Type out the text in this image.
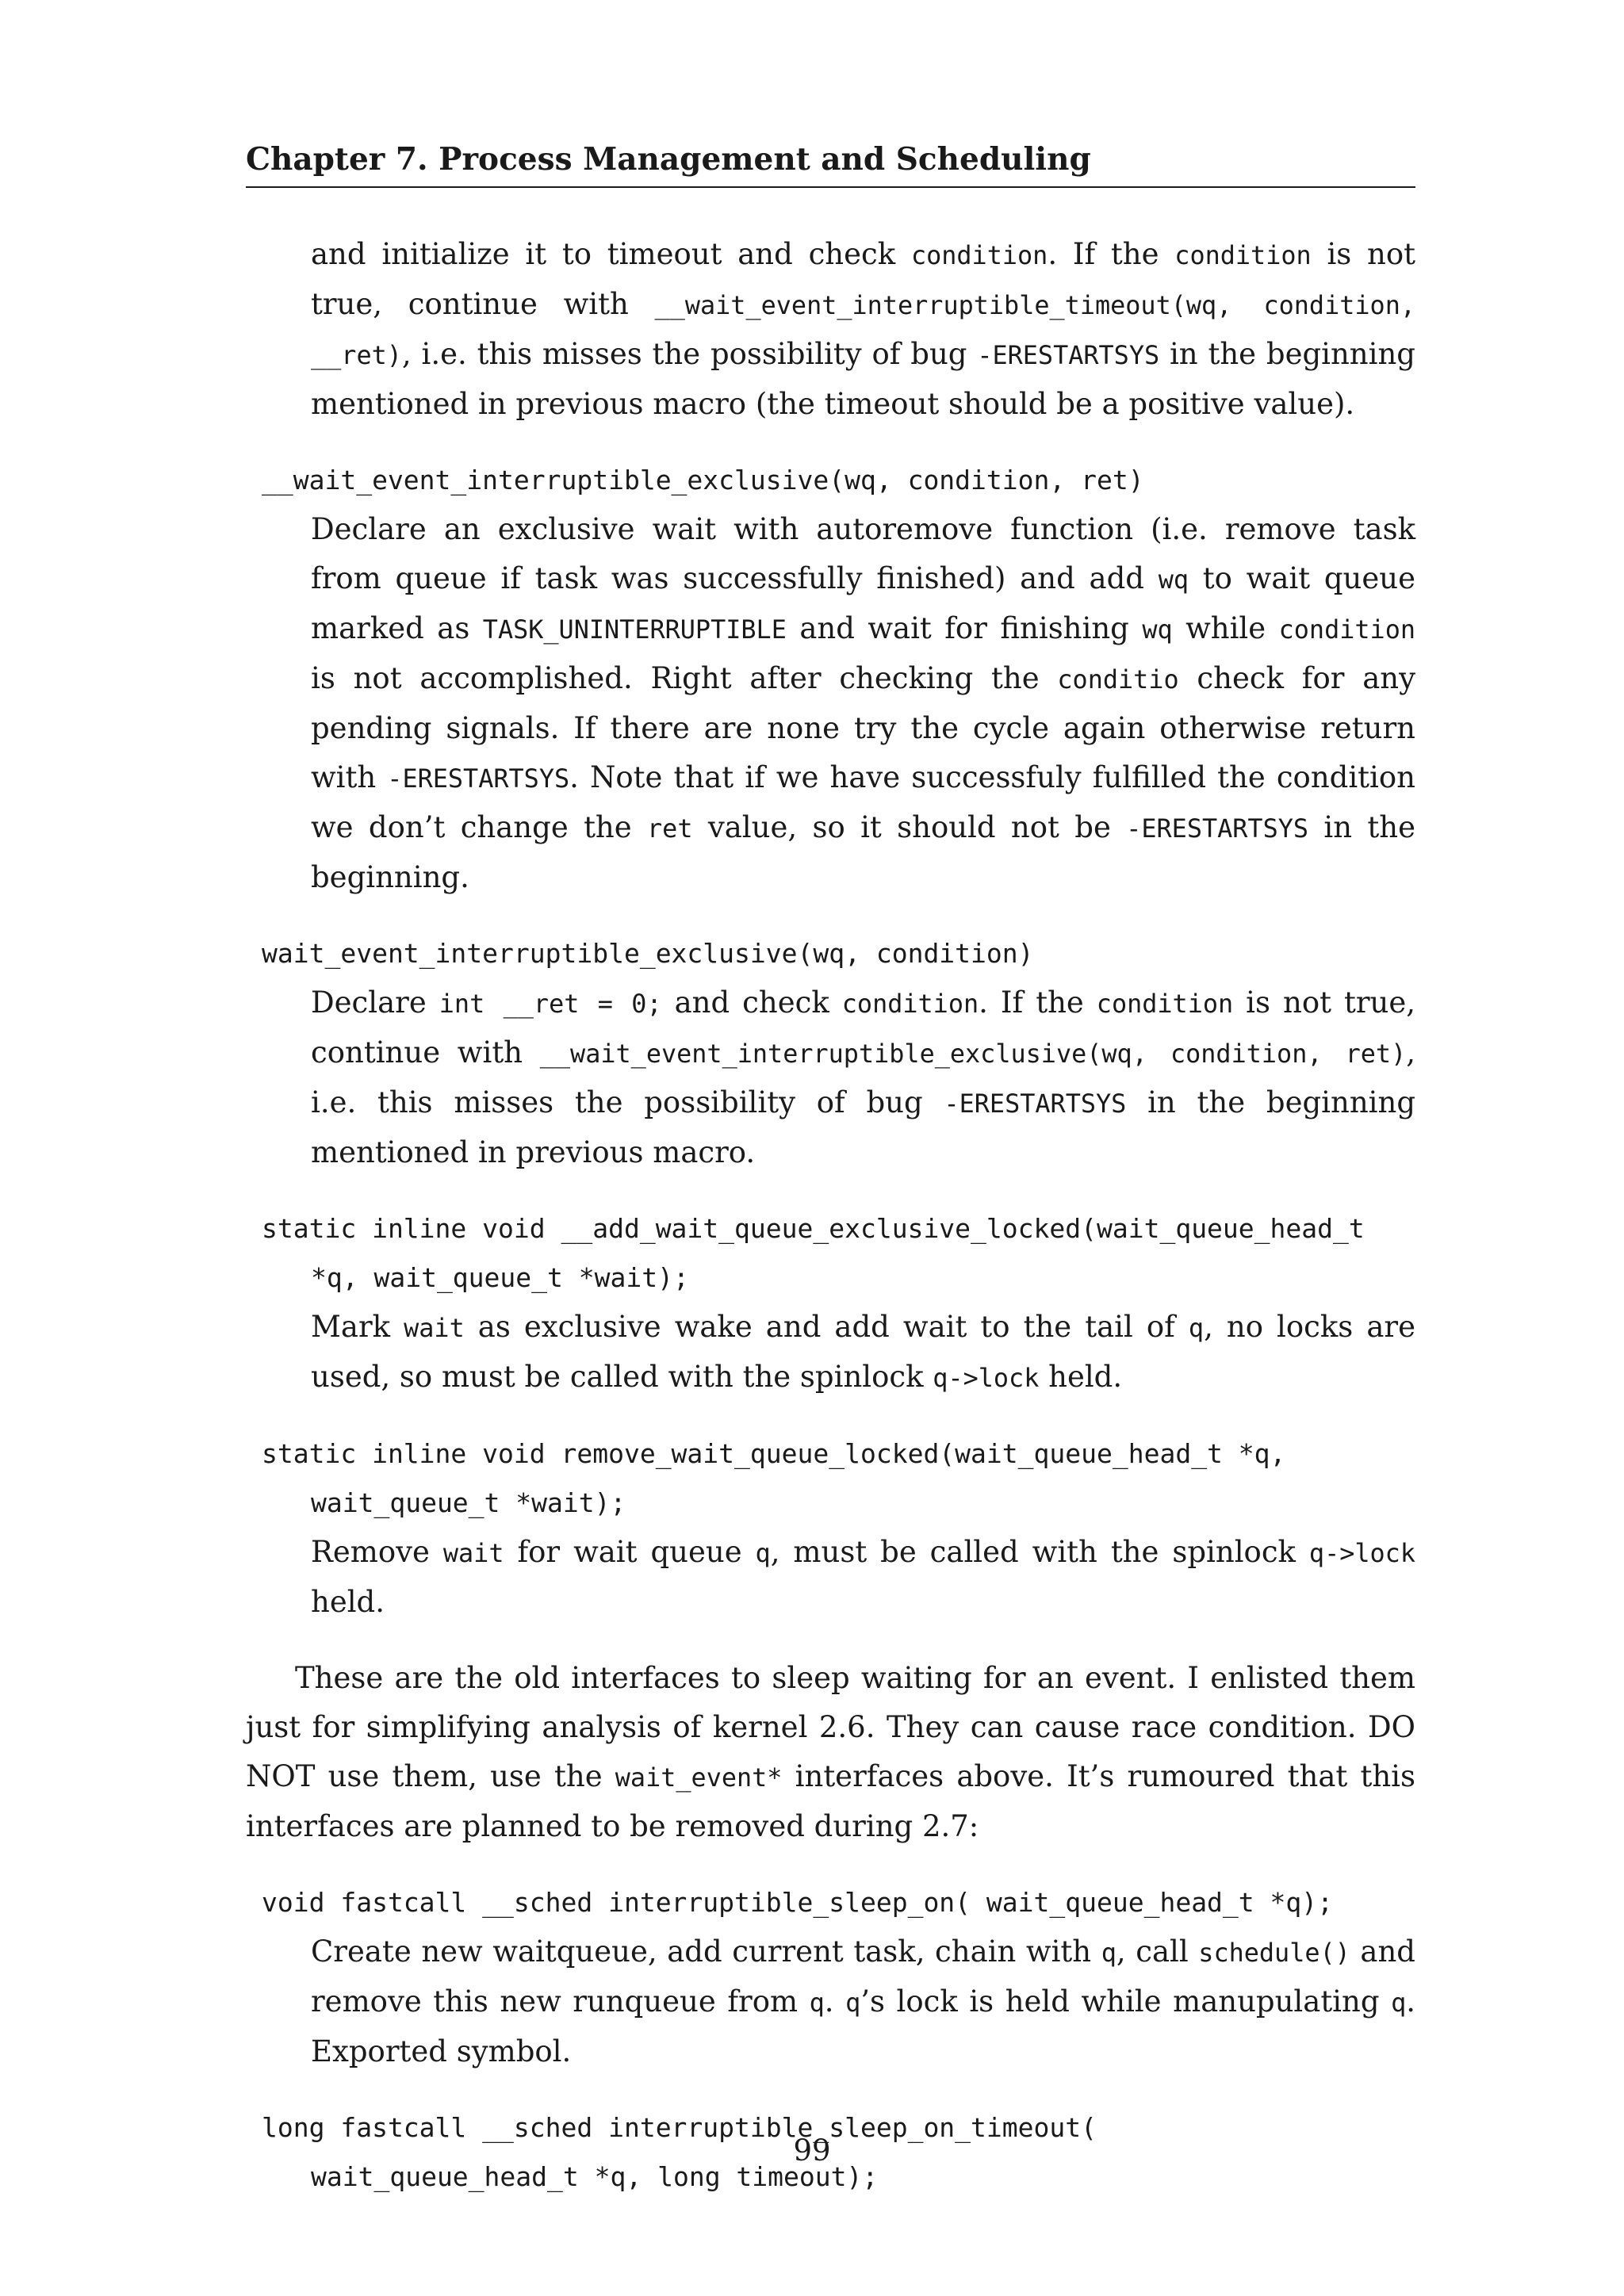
Chapter 7. Process Management and Scheduling

and initialize it to timeout and check condition. If the condition is not true, continue with __wait_event_interruptible_timeout(wq, condition, __ret), i.e. this misses the possibility of bug -ERESTARTSYS in the beginning mentioned in previous macro (the timeout should be a positive value).

__wait_event_interruptible_exclusive(wq, condition, ret)

Declare an exclusive wait with autoremove function (i.e. remove task from queue if task was successfully finished) and add wq to wait queue marked as TASK_UNINTERRUPTIBLE and wait for finishing wq while condition is not accomplished. Right after checking the conditio check for any pending signals. If there are none try the cycle again otherwise return with -ERESTARTSYS. Note that if we have successfuly fulfilled the condition we don’t change the ret value, so it should not be -ERESTARTSYS in the beginning.

wait_event_interruptible_exclusive(wq, condition)

Declare int __ret = 0; and check condition. If the condition is not true, continue with __wait_event_interruptible_exclusive(wq, condition, ret), i.e. this misses the possibility of bug -ERESTARTSYS in the beginning mentioned in previous macro.

static inline void __add_wait_queue_exclusive_locked(wait_queue_head_t
*q, wait_queue_t *wait);

Mark wait as exclusive wake and add wait to the tail of q, no locks are used, so must be called with the spinlock q->lock held.

static inline void remove_wait_queue_locked(wait_queue_head_t *q,
wait_queue_t *wait);

Remove wait for wait queue q, must be called with the spinlock q->lock held.

These are the old interfaces to sleep waiting for an event. I enlisted them just for simplifying analysis of kernel 2.6. They can cause race condition. DO NOT use them, use the wait_event* interfaces above. It’s rumoured that this interfaces are planned to be removed during 2.7:

void fastcall __sched interruptible_sleep_on( wait_queue_head_t *q);

Create new waitqueue, add current task, chain with q, call schedule() and remove this new runqueue from q. q’s lock is held while manupulating q. Exported symbol.

long fastcall __sched interruptible_sleep_on_timeout(
wait_queue_head_t *q, long timeout);
99
